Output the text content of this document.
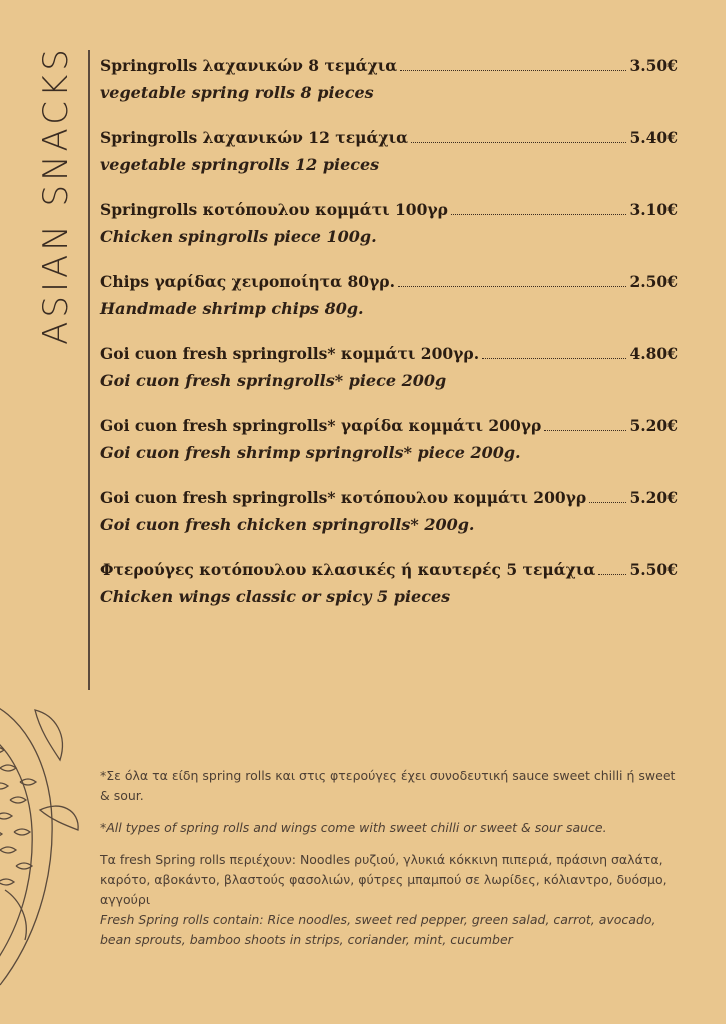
ASIAN SNACKS Springrolls λαχανικών 8 τεμάχια	3.50€
vegetable spring rolls 8 pieces
Springrolls λαχανικών 12 τεμάχια	5.40€
vegetable springrolls 12 pieces
Springrolls κοτόπουλου κομμάτι 100γρ	3.10€
Chicken spingrolls piece 100g.
Chips γαρίδας χειροποίητα 80γρ.	2.50€
Handmade shrimp chips 80g.
Goi cuon fresh springrolls* κομμάτι 200γρ.	4.80€
Goi cuon fresh springrolls* piece 200g
Goi cuon fresh springrolls* γαρίδα κομμάτι 200γρ	5.20€
Goi cuon fresh shrimp springrolls* piece 200g.
Goi cuon fresh springrolls* κοτόπουλου κομμάτι 200γρ	5.20€
Goi cuon fresh chicken springrolls* 200g.
Φτερούγες κοτόπουλου κλασικές ή καυτερές 5 τεμάχια 5.50€
Chicken wings classic or spicy 5 pieces

*Σε όλα τα είδη spring rolls και στις φτερούγες έχει συνοδευτική sauce sweet chilli ή sweet & sour.

*All types of spring rolls and wings come with sweet chilli or sweet & sour sauce.

Τα fresh Spring rolls περιέχουν: Noodles ρυζιού, γλυκιά κόκκινη πιπεριά, πράσινη σαλάτα, καρότο, αβοκάντο, βλαστούς φασολιών, φύτρες μπαμπού σε λωρίδες, κόλιαντρο, δυόσμο, αγγούρι

Fresh Spring rolls contain: Rice noodles, sweet red pepper, green salad, carrot, avocado, bean sprouts, bamboo shoots in strips, coriander, mint, cucumber
